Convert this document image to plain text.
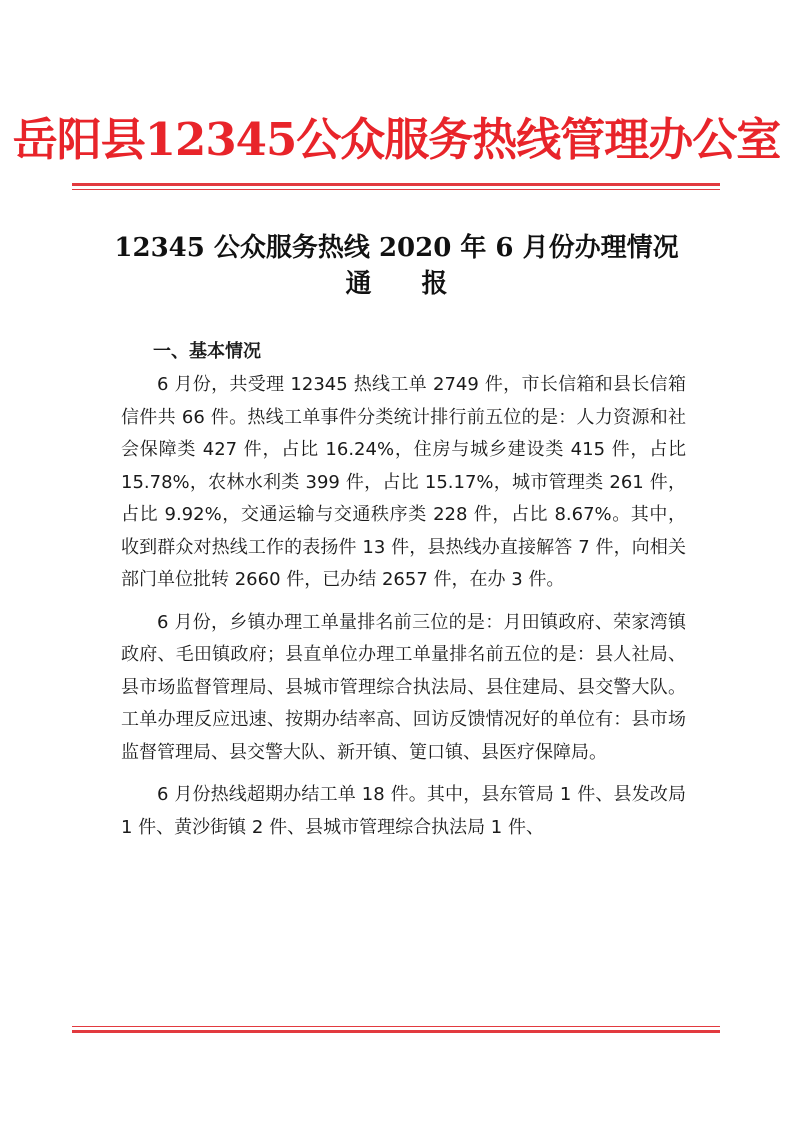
岳阳县12345公众服务热线管理办公室
12345 公众服务热线 2020 年 6 月份办理情况
通报
一、基本情况

6 月份，共受理 12345 热线工单 2749 件，市长信箱和县长信箱信件共 66 件。热线工单事件分类统计排行前五位的是：人力资源和社会保障类 427 件，占比 16.24%，住房与城乡建设类 415 件，占比 15.78%，农林水利类 399 件，占比 15.17%，城市管理类 261 件，占比 9.92%，交通运输与交通秩序类 228 件，占比 8.67%。其中，收到群众对热线工作的表扬件 13 件，县热线办直接解答 7 件，向相关部门单位批转 2660 件，已办结 2657 件，在办 3 件。

6 月份，乡镇办理工单量排名前三位的是：月田镇政府、荣家湾镇政府、毛田镇政府；县直单位办理工单量排名前五位的是：县人社局、县市场监督管理局、县城市管理综合执法局、县住建局、县交警大队。工单办理反应迅速、按期办结率高、回访反馈情况好的单位有：县市场监督管理局、县交警大队、新开镇、筻口镇、县医疗保障局。

6 月份热线超期办结工单 18 件。其中，县东管局 1 件、县发改局 1 件、黄沙街镇 2 件、县城市管理综合执法局 1 件、
